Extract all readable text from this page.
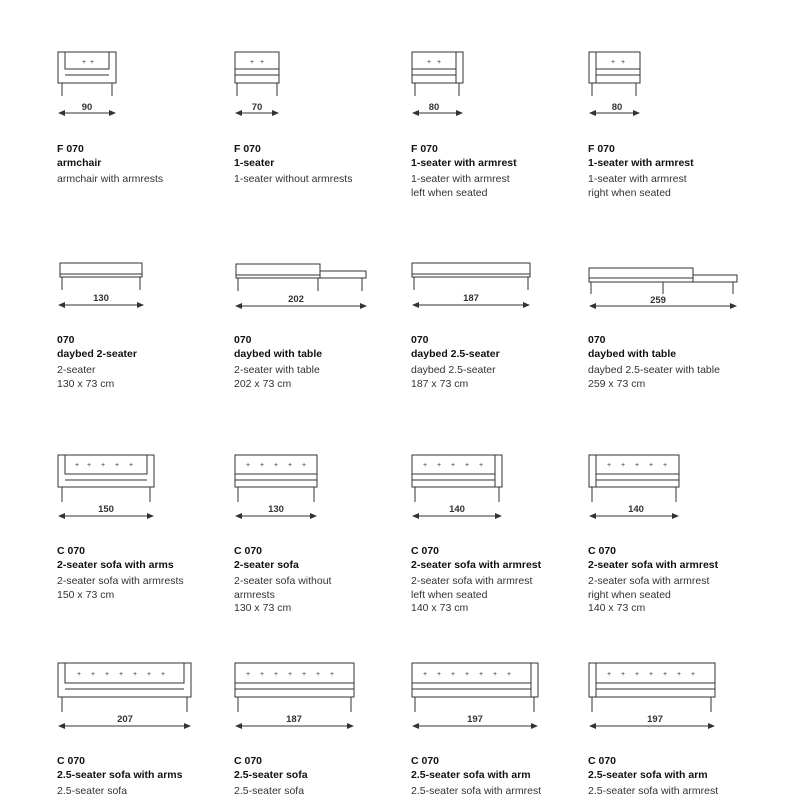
+ +
90
F 070
armchair
armchair with armrests
+ +
70
F 070
1-seater
1-seater without armrests
+ +
80
F 070
1-seater with armrest
1-seater with armrest
left when seated
+ +
80
F 070
1-seater with armrest
1-seater with armrest
right when seated
130
070
daybed 2-seater
2-seater
130 x 73 cm
202
070
daybed with table
2-seater with table
202 x 73 cm
187
070
daybed 2.5-seater
daybed 2.5-seater
187 x 73 cm
259
070
daybed with table
daybed 2.5-seater with table
259 x 73 cm
+ + + + +
150
C 070
2-seater sofa with arms
2-seater sofa with armrests
150 x 73 cm
+ + + + +
130
C 070
2-seater sofa
2-seater sofa without
armrests
130 x 73 cm
+ + + + +
140
C 070
2-seater sofa with armrest
2-seater sofa with armrest
left when seated
140 x 73 cm
+ + + + +
140
C 070
2-seater sofa with armrest
2-seater sofa with armrest
right when seated
140 x 73 cm
+ + + + + + +
207
C 070
2.5-seater sofa with arms
2.5-seater sofa
+ + + + + + +
187
C 070
2.5-seater sofa
2.5-seater sofa
+ + + + + + +
197
C 070
2.5-seater sofa with arm
2.5-seater sofa with armrest
+ + + + + + +
197
C 070
2.5-seater sofa with arm
2.5-seater sofa with armrest
